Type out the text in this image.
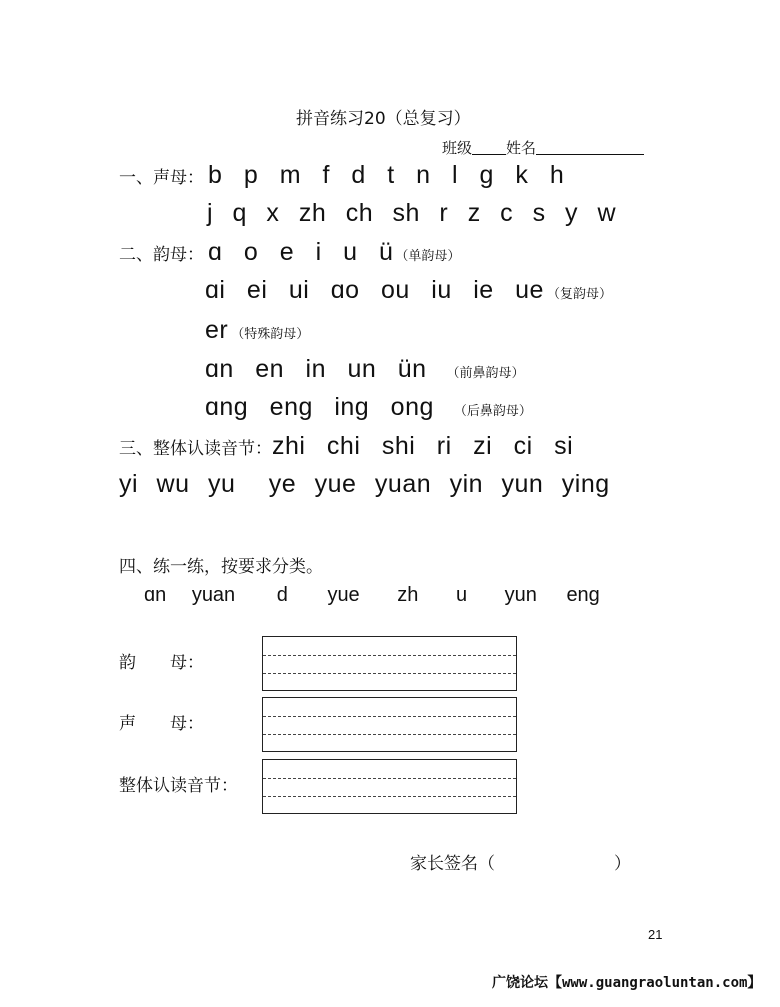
拼音练习20（总复习）
班级 姓名
一、声母： b p m f d t n l g k h
j q x zh ch sh r z c s y w
二、韵母： ɑ o e i u ü （单韵母）
ɑi ei ui ɑo ou iu ie ue （复韵母）
er （特殊韵母）
ɑn en in un ün （前鼻韵母）
ɑng eng ing ong （后鼻韵母）
三、整体认读音节： zhi chi shi ri zi ci si
yi wu yu ye yue yuan yin yun ying
四、练一练，按要求分类。
ɑn yuan d yue zh u yun eng
韵　　母：
声　　母：
整体认读音节：
家长签名（　　　　　　　）
21
广饶论坛【www.guangraoluntan.com】
